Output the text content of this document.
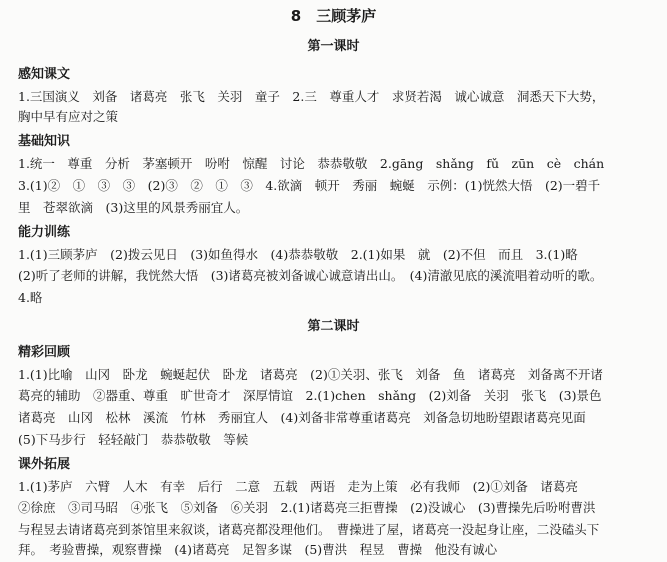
8　三顾茅庐
第一课时
感知课文
1.三国演义　刘备　诸葛亮　张飞　关羽　童子　2.三　尊重人才　求贤若渴　诚心诚意　洞悉天下大势，
胸中早有应对之策
基础知识
1.统一　尊重　分析　茅塞顿开　吩咐　惊醒　讨论　恭恭敬敬　2.gāng　shǎng　fǔ　zūn　cè　chán
3.(1)②　①　③　③　(2)③　②　①　③　4.欲滴　顿开　秀丽　蜿蜒　示例：(1)恍然大悟　(2)一碧千
里　苍翠欲滴　(3)这里的风景秀丽宜人。
能力训练
1.(1)三顾茅庐　(2)拨云见日　(3)如鱼得水　(4)恭恭敬敬　2.(1)如果　就　(2)不但　而且　3.(1)略
(2)听了老师的讲解，我恍然大悟　(3)诸葛亮被刘备诚心诚意请出山。　(4)清澈见底的溪流唱着动听的歌。
4.略
第二课时
精彩回顾
1.(1)比喻　山冈　卧龙　蜿蜒起伏　卧龙　诸葛亮　(2)①关羽、张飞　刘备　鱼　诸葛亮　刘备离不开诸
葛亮的辅助　②器重、尊重　旷世奇才　深厚情谊　2.(1)chen　shǎng　(2)刘备　关羽　张飞　(3)景色
诸葛亮　山冈　松林　溪流　竹林　秀丽宜人　(4)刘备非常尊重诸葛亮　刘备急切地盼望跟诸葛亮见面
(5)下马步行　轻轻敲门　恭恭敬敬　等候
课外拓展
1.(1)茅庐　六臂　人木　有幸　后行　二意　五载　两语　走为上策　必有我师　(2)①刘备　诸葛亮
②徐庶　③司马昭　④张飞　⑤刘备　⑥关羽　2.(1)诸葛亮三拒曹操　(2)没诚心　(3)曹操先后吩咐曹洪
与程昱去请诸葛亮到茶馆里来叙谈，诸葛亮都没理他们。　曹操进了屋，诸葛亮一没起身让座，二没磕头下
拜。　考验曹操，观察曹操　(4)诸葛亮　足智多谋　(5)曹洪　程昱　曹操　他没有诚心
